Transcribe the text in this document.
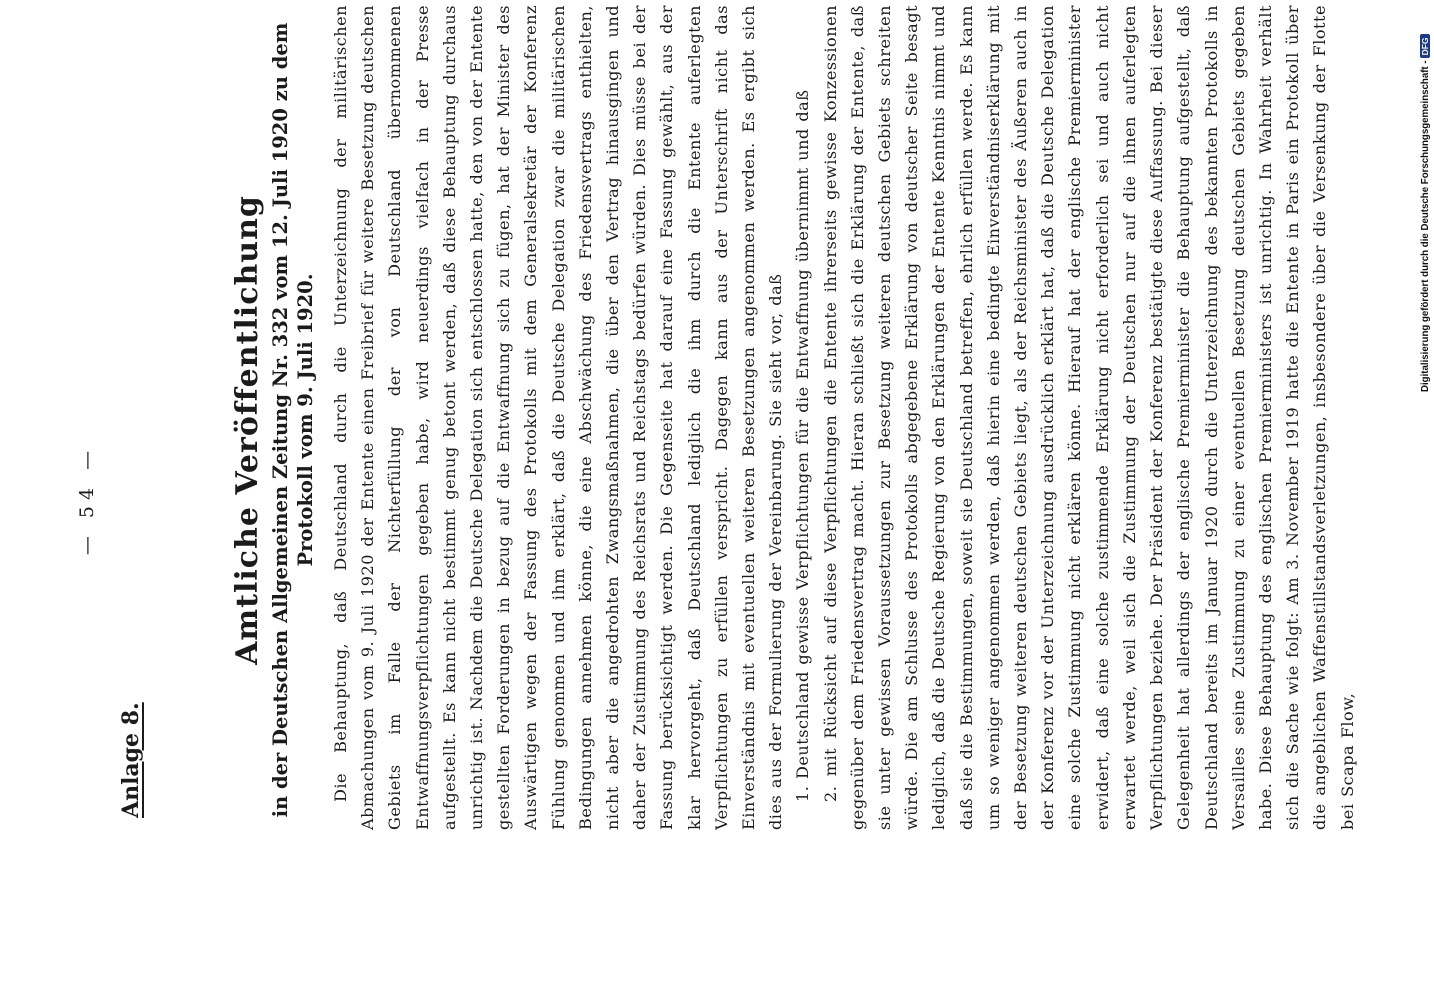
— 54 —
Anlage 8.
Amtliche Veröffentlichung in der Deutschen Allgemeinen Zeitung Nr. 332 vom 12. Juli 1920 zu dem Protokoll vom 9. Juli 1920. Die Behauptung, daß Deutschland durch die Unterzeichnung der militärischen Abmachungen vom 9. Juli 1920 der Entente einen Freibrief für weitere Besetzung deutschen Gebiets im Falle der Nichterfüllung der von Deutschland übernommenen Entwaffnungsverpflichtungen gegeben habe, wird neuerdings vielfach in der Presse aufgestellt. Es kann nicht bestimmt genug betont werden, daß diese Behauptung durchaus unrichtig ist. Nachdem die Deutsche Delegation sich entschlossen hatte, den von der Entente gestellten Forderungen in bezug auf die Entwaffnung sich zu fügen, hat der Minister des Auswärtigen wegen der Fassung des Protokolls mit dem Generalsekretär der Konferenz Fühlung genommen und ihm erklärt, daß die Deutsche Delegation zwar die militärischen Bedingungen annehmen könne, die eine Abschwächung des Friedensvertrags enthielten, nicht aber die angedrohten Zwangsmaßnahmen, die über den Vertrag hinausgingen und daher der Zustimmung des Reichsrats und Reichstags bedürfen würden. Dies müsse bei der Fassung berücksichtigt werden. Die Gegenseite hat darauf eine Fassung gewählt, aus der klar hervorgeht, daß Deutschland lediglich die ihm durch die Entente auferlegten Verpflichtungen zu erfüllen verspricht. Dagegen kann aus der Unterschrift nicht das Einverständnis mit eventuellen weiteren Besetzungen angenommen werden. Es ergibt sich dies aus der Formulierung der Vereinbarung. Sie sieht vor, daß 1. Deutschland gewisse Verpflichtungen für die Entwaffnung übernimmt und daß 2. mit Rücksicht auf diese Verpflichtungen die Entente ihrerseits gewisse Konzessionen gegenüber dem Friedensvertrag macht. Hieran schließt sich die Erklärung der Entente, daß sie unter gewissen Voraussetzungen zur Besetzung weiteren deutschen Gebiets schreiten würde. Die am Schlusse des Protokolls abgegebene Erklärung von deutscher Seite besagt lediglich, daß die Deutsche Regierung von den Erklärungen der Entente Kenntnis nimmt und daß sie die Bestimmungen, soweit sie Deutschland betreffen, ehrlich erfüllen werde. Es kann um so weniger angenommen werden, daß hierin eine bedingte Einverständniserklärung mit der Besetzung weiteren deutschen Gebiets liegt, als der Reichsminister des Äußeren auch in der Konferenz vor der Unterzeichnung ausdrücklich erklärt hat, daß die Deutsche Delegation eine solche Zustimmung nicht erklären könne. Hierauf hat der englische Premierminister erwidert, daß eine solche zustimmende Erklärung nicht erforderlich sei und auch nicht erwartet werde, weil sich die Zustimmung der Deutschen nur auf die ihnen auferlegten Verpflichtungen beziehe. Der Präsident der Konferenz bestätigte diese Auffassung. Bei dieser Gelegenheit hat allerdings der englische Premierminister die Behauptung aufgestellt, daß Deutschland bereits im Januar 1920 durch die Unterzeichnung des bekannten Protokolls in Versailles seine Zustimmung zu einer eventuellen Besetzung deutschen Gebiets gegeben habe. Diese Behauptung des englischen Premierministers ist unrichtig. In Wahrheit verhält sich die Sache wie folgt: Am 3. November 1919 hatte die Entente in Paris ein Protokoll über die angeblichen Waffenstillstandsverletzungen, insbesondere über die Versenkung der Flotte bei Scapa Flow,
Digitalisierung gefördert durch die Deutsche Forschungsgemeinschaft -DFG
